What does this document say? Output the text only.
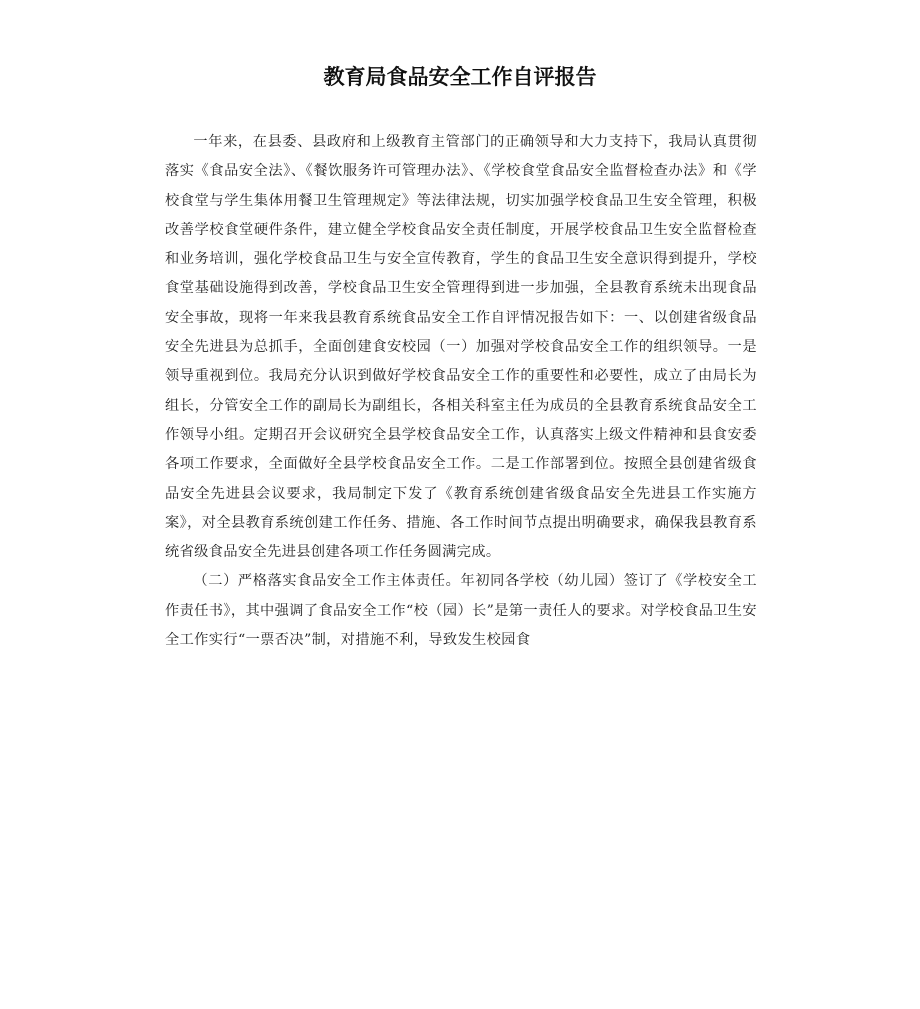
教育局食品安全工作自评报告

一年来，在县委、县政府和上级教育主管部门的正确领导和大力支持下，我局认真贯彻落实《食品安全法》、《餐饮服务许可管理办法》、《学校食堂食品安全监督检查办法》和《学校食堂与学生集体用餐卫生管理规定》等法律法规，切实加强学校食品卫生安全管理，积极改善学校食堂硬件条件，建立健全学校食品安全责任制度，开展学校食品卫生安全监督检查和业务培训，强化学校食品卫生与安全宣传教育，学生的食品卫生安全意识得到提升，学校食堂基础设施得到改善，学校食品卫生安全管理得到进一步加强，全县教育系统未出现食品安全事故，现将一年来我县教育系统食品安全工作自评情况报告如下：一、以创建省级食品安全先进县为总抓手，全面创建食安校园（一）加强对学校食品安全工作的组织领导。一是领导重视到位。我局充分认识到做好学校食品安全工作的重要性和必要性，成立了由局长为组长，分管安全工作的副局长为副组长，各相关科室主任为成员的全县教育系统食品安全工作领导小组。定期召开会议研究全县学校食品安全工作，认真落实上级文件精神和县食安委各项工作要求，全面做好全县学校食品安全工作。二是工作部署到位。按照全县创建省级食品安全先进县会议要求，我局制定下发了《教育系统创建省级食品安全先进县工作实施方案》，对全县教育系统创建工作任务、措施、各工作时间节点提出明确要求，确保我县教育系统省级食品安全先进县创建各项工作任务圆满完成。

（二）严格落实食品安全工作主体责任。年初同各学校（幼儿园）签订了《学校安全工作责任书》，其中强调了食品安全工作“校（园）长”是第一责任人的要求。对学校食品卫生安全工作实行“一票否决”制，对措施不利，导致发生校园食
